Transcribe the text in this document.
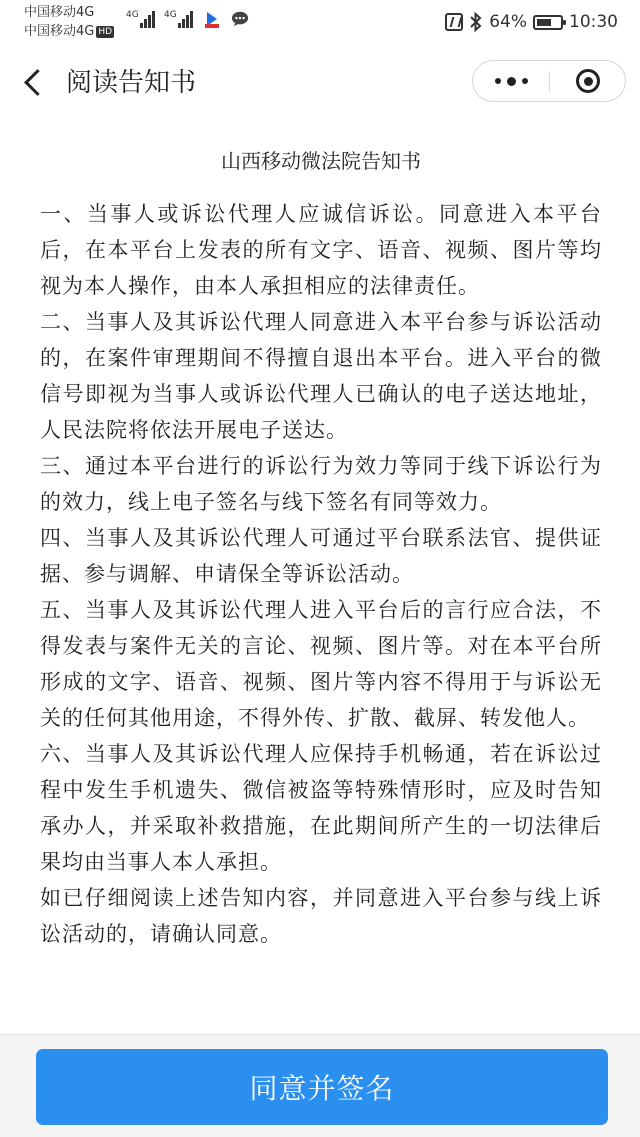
中国移动4G
中国移动4G HD
4G	4G	64% 10:30
阅读告知书
山西移动微法院告知书

一、当事人或诉讼代理人应诚信诉讼。同意进入本平台后，在本平台上发表的所有文字、语音、视频、图片等均视为本人操作，由本人承担相应的法律责任。

二、当事人及其诉讼代理人同意进入本平台参与诉讼活动的，在案件审理期间不得擅自退出本平台。进入平台的微信号即视为当事人或诉讼代理人已确认的电子送达地址，人民法院将依法开展电子送达。

三、通过本平台进行的诉讼行为效力等同于线下诉讼行为的效力，线上电子签名与线下签名有同等效力。

四、当事人及其诉讼代理人可通过平台联系法官、提供证据、参与调解、申请保全等诉讼活动。

五、当事人及其诉讼代理人进入平台后的言行应合法，不得发表与案件无关的言论、视频、图片等。对在本平台所形成的文字、语音、视频、图片等内容不得用于与诉讼无关的任何其他用途，不得外传、扩散、截屏、转发他人。

六、当事人及其诉讼代理人应保持手机畅通，若在诉讼过程中发生手机遗失、微信被盗等特殊情形时，应及时告知承办人，并采取补救措施，在此期间所产生的一切法律后果均由当事人本人承担。

如已仔细阅读上述告知内容，并同意进入平台参与线上诉讼活动的，请确认同意。

同意并签名
